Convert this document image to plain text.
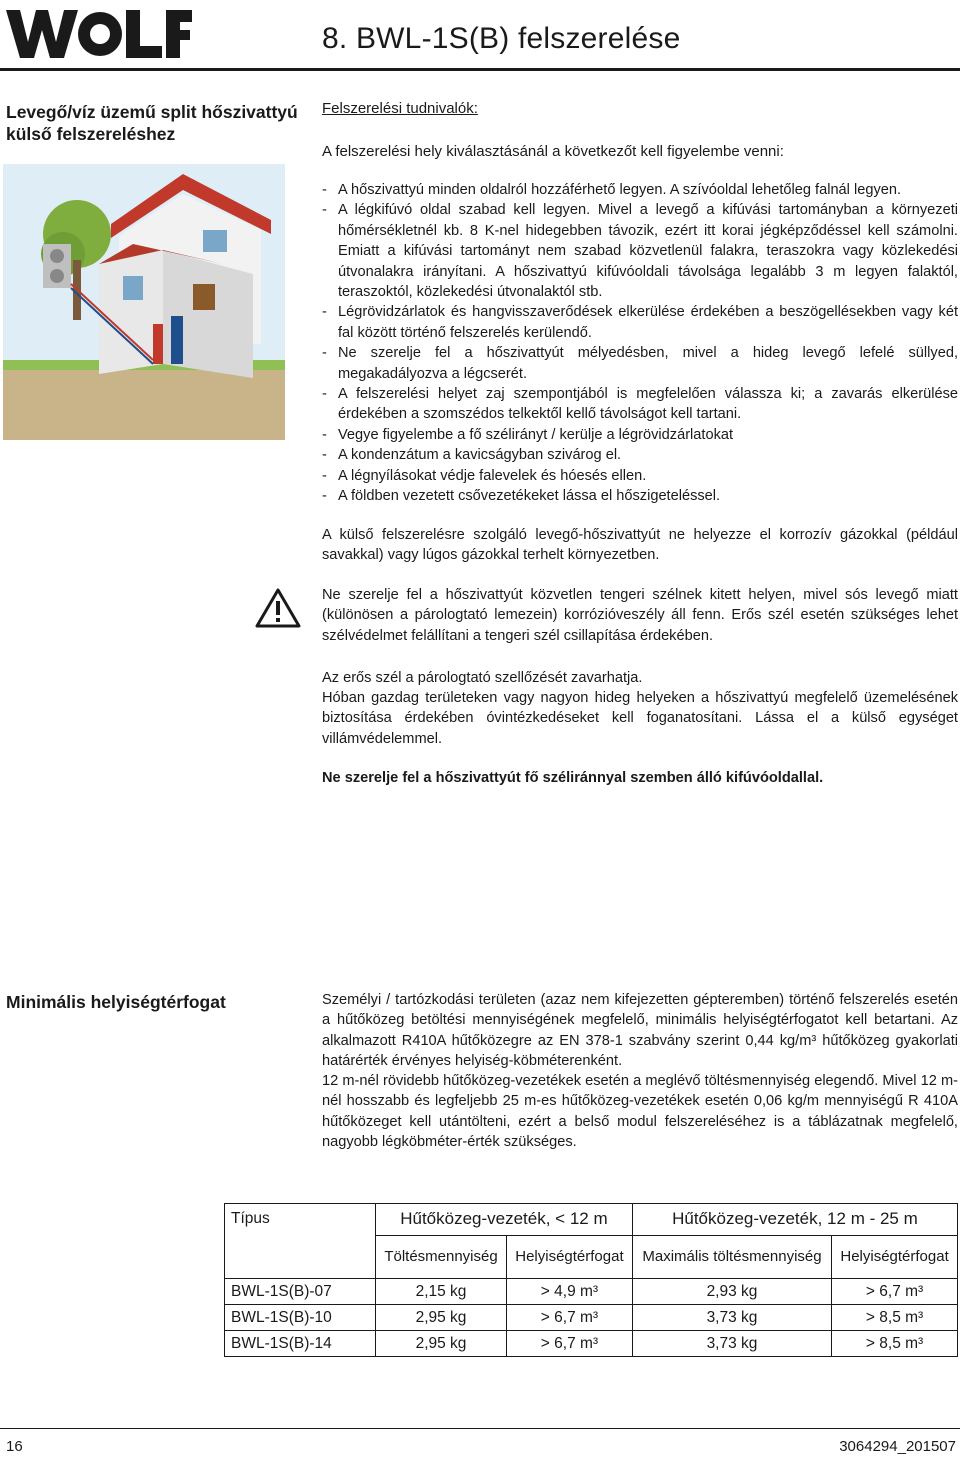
8. BWL-1S(B) felszerelése
Levegő/víz üzemű split hőszivattyú külső felszereléshez
Felszerelési tudnivalók:
A felszerelési hely kiválasztásánál a következőt kell figyelembe venni:
- A hőszivattyú minden oldalról hozzáférhető legyen. A szívóoldal lehetőleg falnál legyen.
- A légkifúvó oldal szabad kell legyen. Mivel a levegő a kifúvási tartományban a környezeti hőmérsékletnél kb. 8 K-nel hidegebben távozik, ezért itt korai jégképződéssel kell számolni. Emiatt a kifúvási tartományt nem szabad közvetlenül falakra, teraszokra vagy közlekedési útvonalakra irányítani. A hőszivattyú kifúvóoldali távolsága legalább 3 m legyen falaktól, teraszoktól, közlekedési útvonalaktól stb.
- Légrövidzárlatok és hangvisszaverődések elkerülése érdekében a beszögellésekben vagy két fal között történő felszerelés kerülendő.
- Ne szerelje fel a hőszivattyút mélyedésben, mivel a hideg levegő lefelé süllyed, megakadályozva a légcserét.
- A felszerelési helyet zaj szempontjából is megfelelően válassza ki; a zavarás elkerülése érdekében a szomszédos telkektől kellő távolságot kell tartani.
- Vegye figyelembe a fő szélirányt / kerülje a légrövidzárlatokat
- A kondenzátum a kavicságyban szivárog el.
- A légnyílásokat védje falevelek és hóesés ellen.
- A földben vezetett csővezetékeket lássa el hőszigeteléssel.

A külső felszerelésre szolgáló levegő-hőszivattyút ne helyezze el korrozív gázokkal (például savakkal) vagy lúgos gázokkal terhelt környezetben.

Ne szerelje fel a hőszivattyút közvetlen tengeri szélnek kitett helyen, mivel sós levegő miatt (különösen a párologtató lemezein) korrózióveszély áll fenn. Erős szél esetén szükséges lehet szélvédelmet felállítani a tengeri szél csillapítása érdekében.

Az erős szél a párologtató szellőzését zavarhatja.

Hóban gazdag területeken vagy nagyon hideg helyeken a hőszivattyú megfelelő üzemelésének biztosítása érdekében óvintézkedéseket kell foganatosítani. Lássa el a külső egységet villámvédelemmel.

Ne szerelje fel a hőszivattyút fő széliránnyal szemben álló kifúvóoldallal.

Minimális helyiségtérfogat	Személyi / tartózkodási területen (azaz nem kifejezetten gépteremben) történő felszerelés esetén a hűtőközeg betöltési mennyiségének megfelelő, minimális helyiségtérfogatot kell betartani. Az alkalmazott R410A hűtőközegre az EN 378-1 szabvány szerint 0,44 kg/m³ hűtőközeg gyakorlati határérték érvényes helyiség-köbméterenként.

12 m-nél rövidebb hűtőközeg-vezetékek esetén a meglévő töltésmennyiség elegendő. Mivel 12 m-nél hosszabb és legfeljebb 25 m-es hűtőközeg-vezetékek esetén 0,06 kg/m mennyiségű R 410A hűtőközeget kell utántölteni, ezért a belső modul felszereléséhez is a táblázatnak megfelelő, nagyobb légköbméter-érték szükséges.

Típus	Hűtőközeg-vezeték, < 12 m		Hűtőközeg-vezeték, 12 m - 25 m	
	Töltésmennyiség	Helyiségtérfogat	Maximális töltésmennyiség	Helyiségtérfogat
BWL-1S(B)-07	2,15 kg	> 4,9 m³	2,93 kg	> 6,7 m³
BWL-1S(B)-10	2,95 kg	> 6,7 m³	3,73 kg	> 8,5 m³
BWL-1S(B)-14	2,95 kg	> 6,7 m³	3,73 kg	> 8,5 m³
16	3064294_201507
